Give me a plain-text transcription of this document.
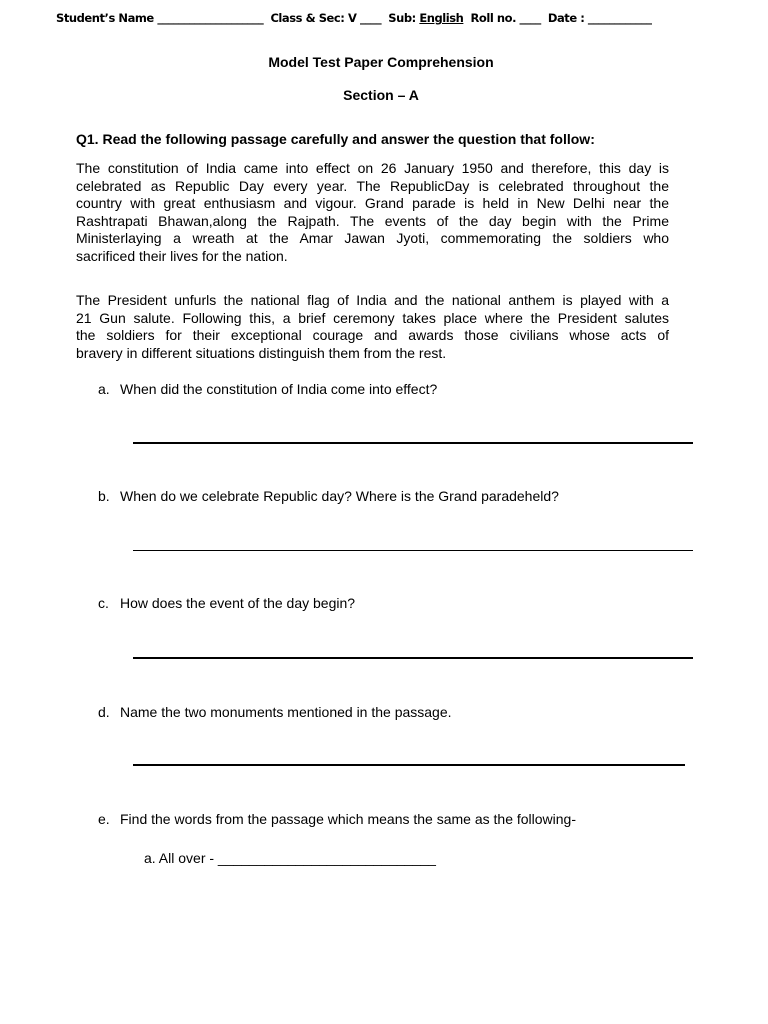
Student’s Name ____________________ Class & Sec: V ____ Sub: English Roll no. ____ Date : ____________
Model Test Paper Comprehension
Section – A
Q1. Read the following passage carefully and answer the question that follow:
The constitution of India came into effect on 26 January 1950 and therefore, this day is
celebrated as Republic Day every year. The RepublicDay is celebrated throughout the
country with great enthusiasm and vigour. Grand parade is held in New Delhi near the
Rashtrapati Bhawan,along the Rajpath. The events of the day begin with the Prime
Ministerlaying a wreath at the Amar Jawan Jyoti, commemorating the soldiers who
sacrificed their lives for the nation.
The President unfurls the national flag of India and the national anthem is played with a
21 Gun salute. Following this, a brief ceremony takes place where the President salutes
the soldiers for their exceptional courage and awards those civilians whose acts of
bravery in different situations distinguish them from the rest.
a. When did the constitution of India come into effect?
b. When do we celebrate Republic day? Where is the Grand paradeheld?
c. How does the event of the day begin?
d. Name the two monuments mentioned in the passage.
e. Find the words from the passage which means the same as the following-
a. All over - ____________________________
